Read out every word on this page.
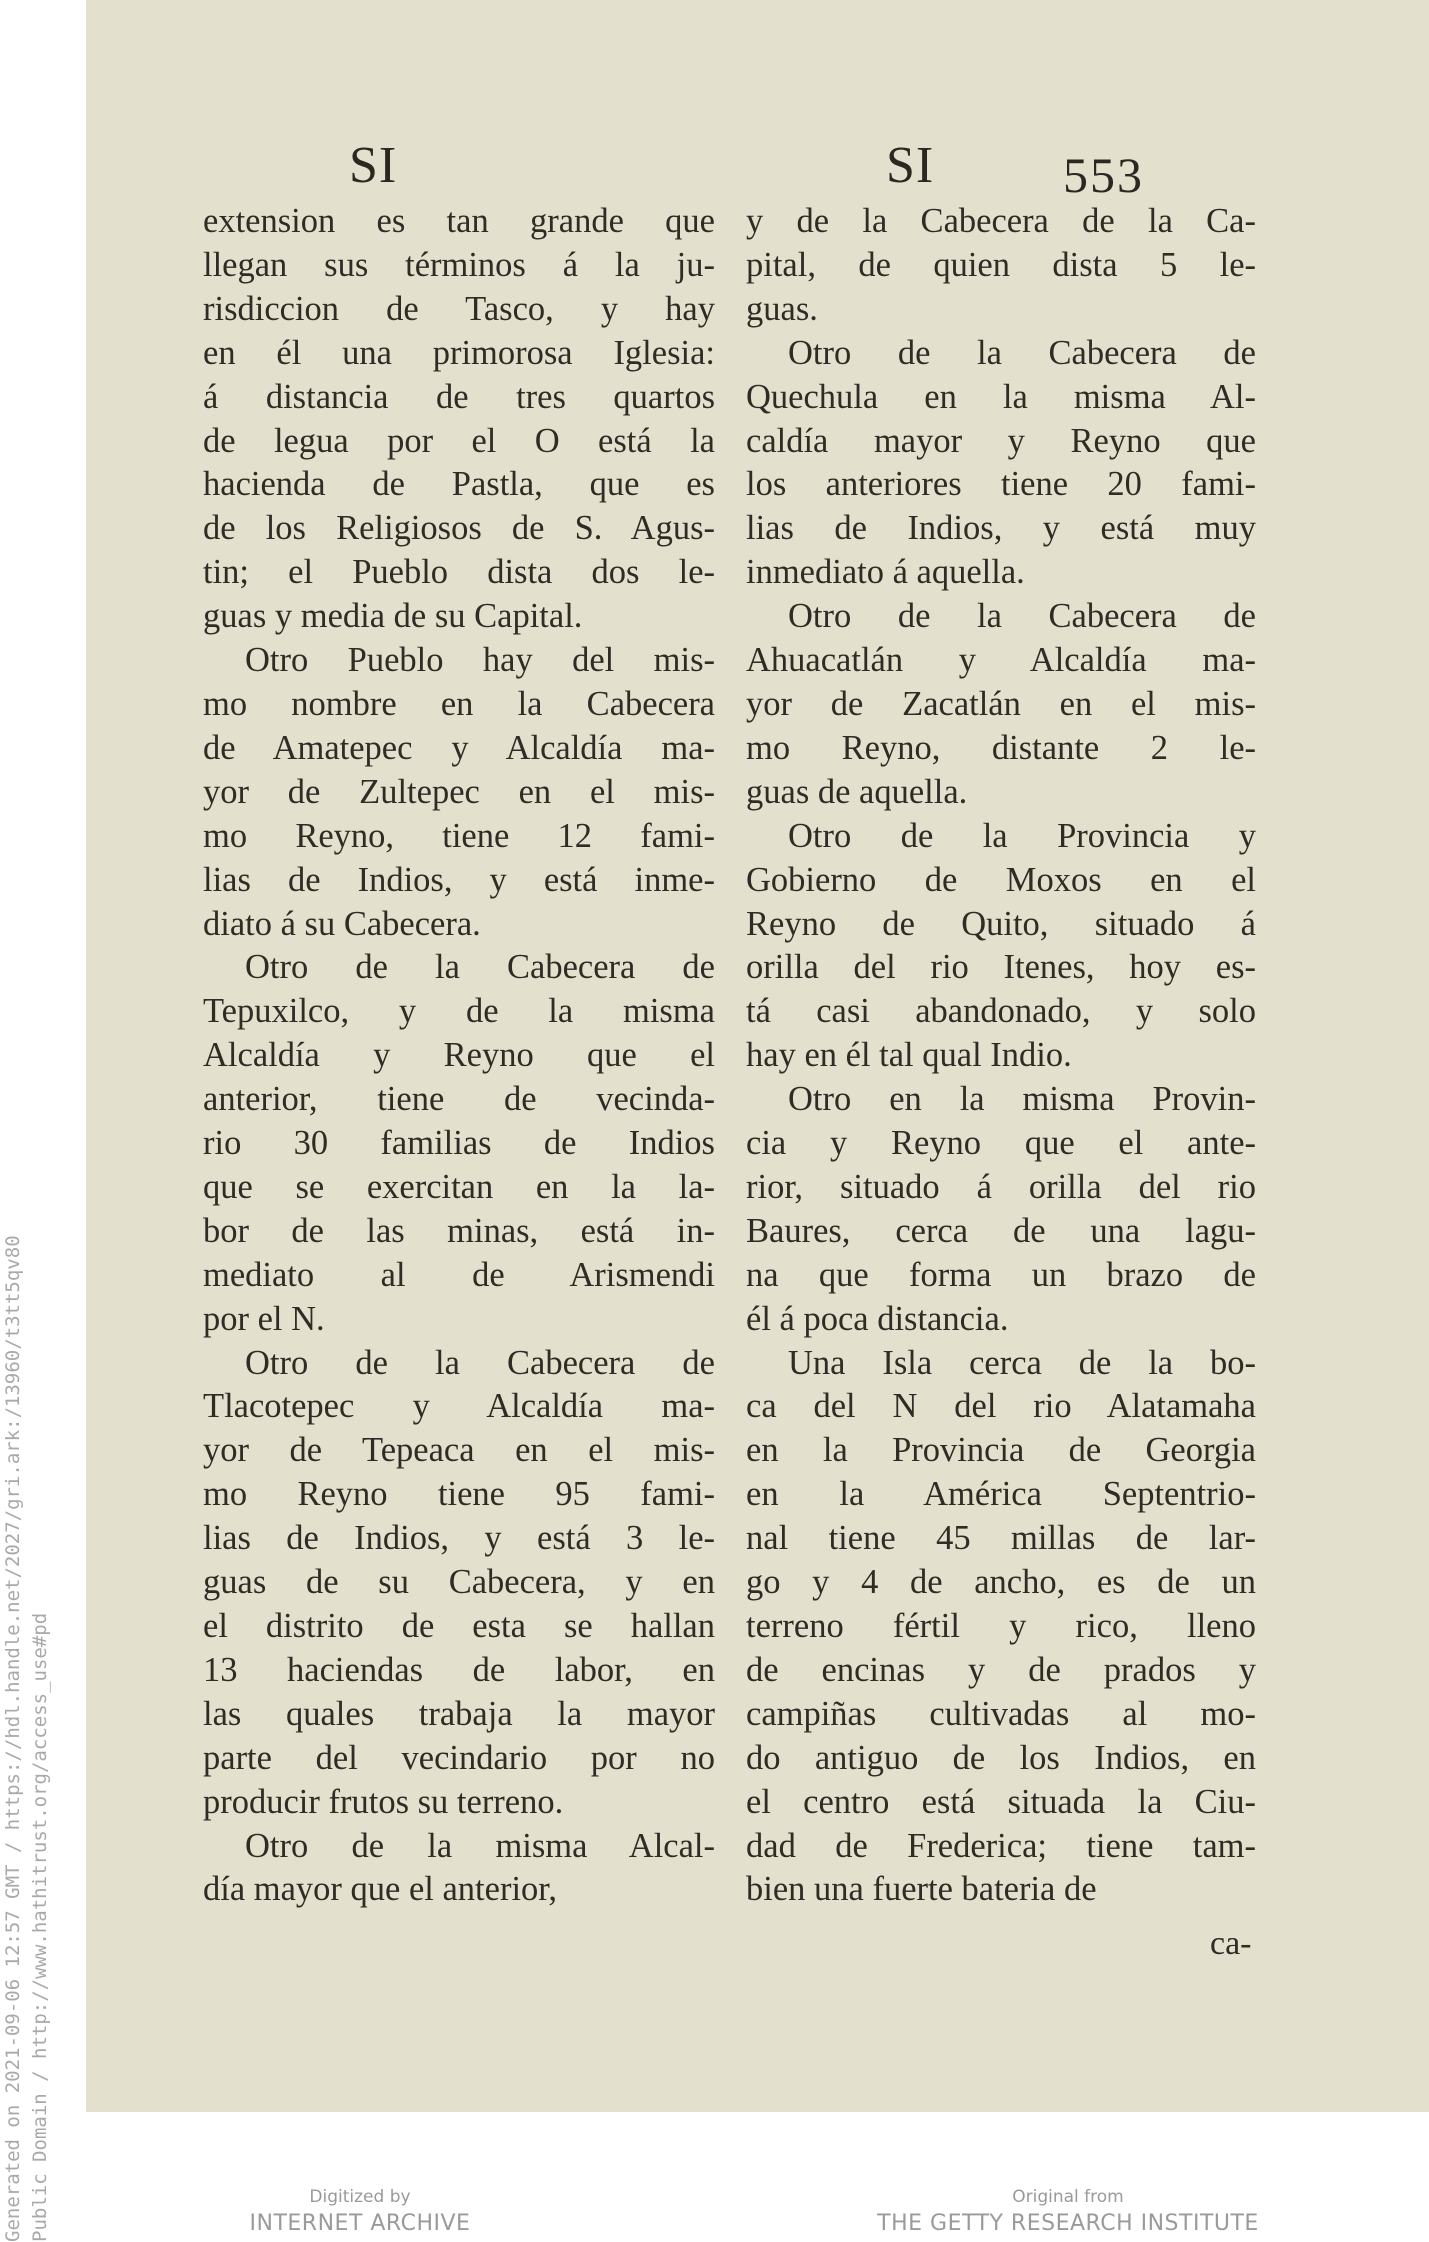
SI	SI	553
extension es tan grande que
llegan sus términos á la ju-
risdiccion de Tasco, y hay
en él una primorosa Iglesia:
á distancia de tres quartos
de legua por el O está la
hacienda de Pastla, que es
de los Religiosos de S. Agus-
tin; el Pueblo dista dos le-
guas y media de su Capital.
Otro Pueblo hay del mis-
mo nombre en la Cabecera
de Amatepec y Alcaldía ma-
yor de Zultepec en el mis-
mo Reyno, tiene 12 fami-
lias de Indios, y está inme-
diato á su Cabecera.
Otro de la Cabecera de
Tepuxilco, y de la misma
Alcaldía y Reyno que el
anterior, tiene de vecinda-
rio 30 familias de Indios
que se exercitan en la la-
bor de las minas, está in-
mediato al de Arismendi
por el N.
Otro de la Cabecera de
Tlacotepec y Alcaldía ma-
yor de Tepeaca en el mis-
mo Reyno tiene 95 fami-
lias de Indios, y está 3 le-
guas de su Cabecera, y en
el distrito de esta se hallan
13 haciendas de labor, en
las quales trabaja la mayor
parte del vecindario por no
producir frutos su terreno.
Otro de la misma Alcal-
día mayor que el anterior,
y de la Cabecera de la Ca-
pital, de quien dista 5 le-
guas.
Otro de la Cabecera de
Quechula en la misma Al-
caldía mayor y Reyno que
los anteriores tiene 20 fami-
lias de Indios, y está muy
inmediato á aquella.
Otro de la Cabecera de
Ahuacatlán y Alcaldía ma-
yor de Zacatlán en el mis-
mo Reyno, distante 2 le-
guas de aquella.
Otro de la Provincia y
Gobierno de Moxos en el
Reyno de Quito, situado á
orilla del rio Itenes, hoy es-
tá casi abandonado, y solo
hay en él tal qual Indio.
Otro en la misma Provin-
cia y Reyno que el ante-
rior, situado á orilla del rio
Baures, cerca de una lagu-
na que forma un brazo de
él á poca distancia.
Una Isla cerca de la bo-
ca del N del rio Alatamaha
en la Provincia de Georgia
en la América Septentrio-
nal tiene 45 millas de lar-
go y 4 de ancho, es de un
terreno fértil y rico, lleno
de encinas y de prados y
campiñas cultivadas al mo-
do antiguo de los Indios, en
el centro está situada la Ciu-
dad de Frederica; tiene tam-
bien una fuerte bateria de
ca-
Generated on 2021-09-06 12:57 GMT / https://hdl.handle.net/2027/gri.ark:/13960/t3tt5qv80 Public Domain / http://www.hathitrust.org/access_use#pd	Digitized by
INTERNET ARCHIVE
Original from
THE GETTY RESEARCH INSTITUTE
